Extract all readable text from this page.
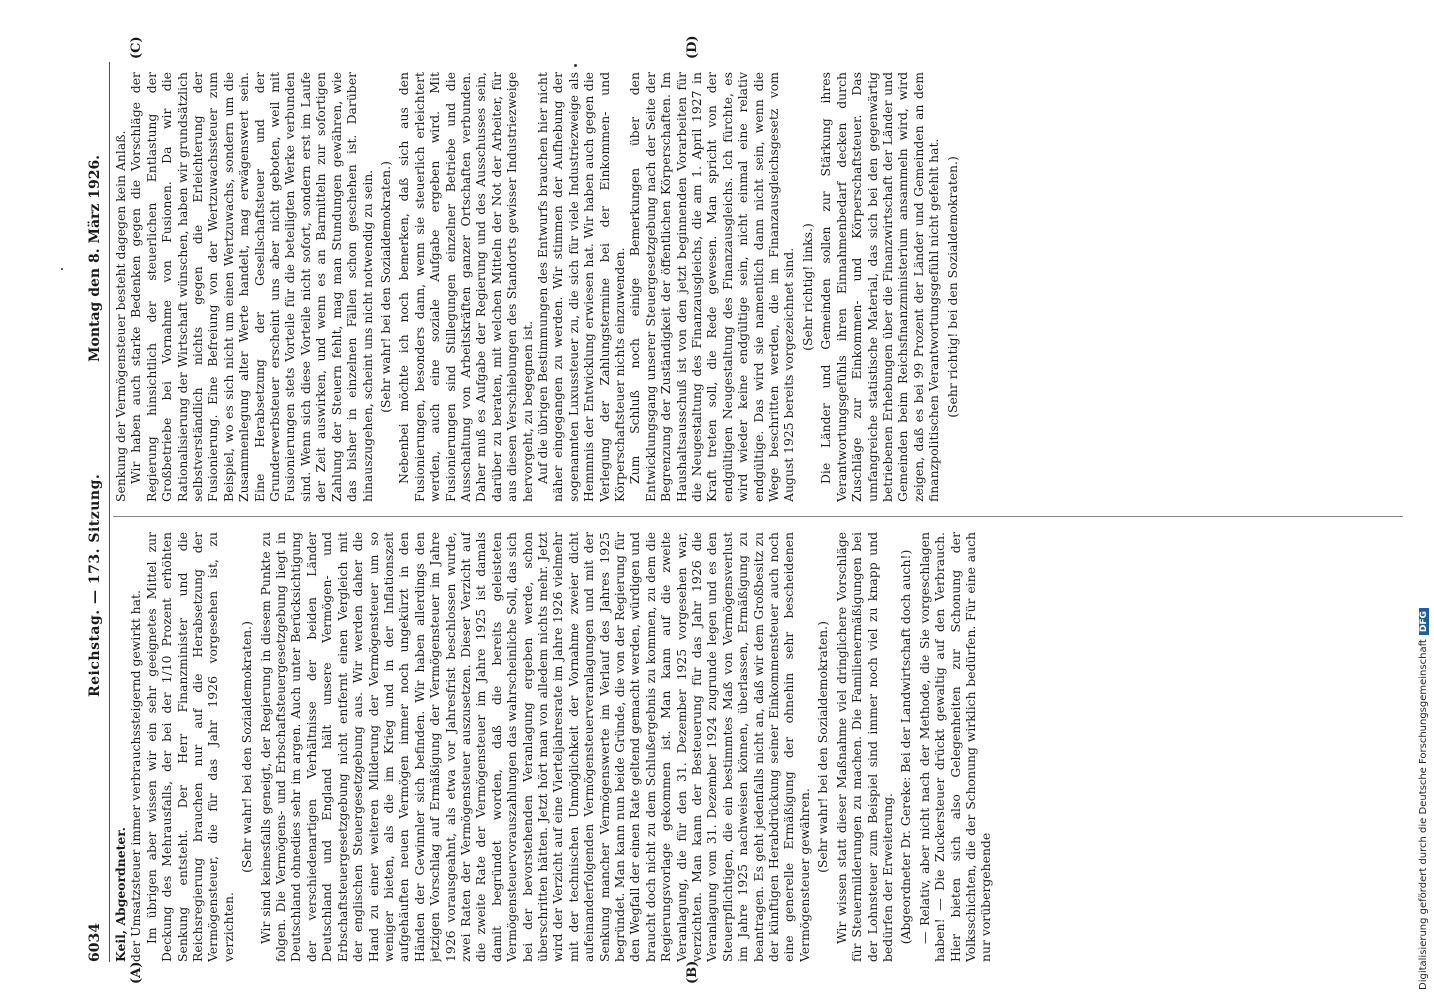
6034
Reichstag. — 173. Sitzung.
Montag den 8. März 1926.
Keil, Abgeordneter. der Umsatzsteuer immer verbrauchssteigernd gewirkt hat. Im übrigen aber wissen wir ein sehr geeignetes Mittel zur Deckung des Mehrausfalls, der bei der 1/10 Prozent erhöhten Senkung entsteht. Der Herr Finanzminister und die Reichsregierung brauchen nur auf die Herabsetzung der Vermögensteuer, die für das Jahr 1926 vorgesehen ist, zu verzichten.

(Sehr wahr! bei den Sozialdemokraten.) Wir sind keinesfalls geneigt, der Regierung in diesem Punkte zu folgen. Die Vermögens- und Erbschaftsteuergesetzgebung liegt in Deutschland ohnedies sehr im argen. Auch unter Berücksichtigung der verschiedenartigen Verhältnisse der beiden Länder Deutschland und England hält unsere Vermögen- und Erbschaftsteuergesetzgebung nicht entfernt einen Vergleich mit der englischen Steuergesetzgebung aus. Wir werden daher die Hand zu einer weiteren Milderung der Vermögensteuer um so weniger bieten, als die im Krieg und in der Inflationszeit aufgehäuften neuen Vermögen immer noch ungekürzt in den Händen der Gewinnler sich befinden. Wir haben allerdings den jetzigen Vorschlag auf Ermäßigung der Vermögensteuer im Jahre 1926 vorausgeahnt, als etwa vor Jahresfrist beschlossen wurde, zwei Raten der Vermögensteuer auszusetzen. Dieser Verzicht auf die zweite Rate der Vermögensteuer im Jahre 1925 ist damals damit begründet worden, daß die bereits geleisteten Vermögensteuervorauszahlungen das wahrscheinliche Soll, das sich bei der bevorstehenden Veranlagung ergeben werde, schon überschritten hätten. Jetzt hört man von alledem nichts mehr. Jetzt wird der Verzicht auf eine Vierteljahresrate im Jahre 1926 vielmehr mit der technischen Unmöglichkeit der Vornahme zweier dicht aufeinanderfolgenden Vermögensteuerveranlagungen und mit der Senkung mancher Vermögenswerte im Verlauf des Jahres 1925 begründet. Man kann nun beide Gründe, die von der Regierung für den Wegfall der einen Rate geltend gemacht werden, würdigen und braucht doch nicht zu dem Schlußergebnis zu kommen, zu dem die Regierungsvorlage gekommen ist. Man kann auf die zweite Veranlagung, die für den 31. Dezember 1925 vorgesehen war, verzichten. Man kann der Besteuerung für das Jahr 1926 die Veranlagung vom 31. Dezember 1924 zugrunde legen und es den Steuerpflichtigen, die ein bestimmtes Maß von Vermögensverlust im Jahre 1925 nachweisen können, überlassen, Ermäßigung zu beantragen. Es geht jedenfalls nicht an, daß wir dem Großbesitz zu der künftigen Herabdrückung seiner Einkommensteuer auch noch eine generelle Ermäßigung der ohnehin sehr bescheidenen Vermögensteuer gewähren.

(Sehr wahr! bei den Sozialdemokraten.) Wir wissen statt dieser Maßnahme viel dringlichere Vorschläge für Steuermilderungen zu machen. Die Familienermäßigungen bei der Lohnsteuer zum Beispiel sind immer noch viel zu knapp und bedürfen der Erweiterung. (Abgeordneter Dr. Gereke: Bei der Landwirtschaft doch auch!) — Relativ, aber nicht nach der Methode, die Sie vorgeschlagen haben! — Die Zuckersteuer drückt gewaltig auf den Verbrauch. Hier bieten sich also Gelegenheiten zur Schonung der Volksschichten, die der Schonung wirklich bedürfen. Für eine auch nur vorübergehende

Senkung der Vermögensteuer besteht dagegen kein Anlaß. Wir haben auch starke Bedenken gegen die Vorschläge der Regierung hinsichtlich der steuerlichen Entlastung der Großbetriebe bei Vornahme von Fusionen. Da wir die Rationalisierung der Wirtschaft wünschen, haben wir grundsätzlich selbstverständlich nichts gegen die Erleichterung der Fusionierung. Eine Befreiung von der Wertzuwachssteuer zum Beispiel, wo es sich nicht um einen Wertzuwachs, sondern um die Zusammenlegung alter Werte handelt, mag erwägenswert sein. Eine Herabsetzung der Gesellschaftsteuer und der Grunderwerbsteuer erscheint uns aber nicht geboten, weil mit Fusionierungen stets Vorteile für die beteiligten Werke verbunden sind. Wenn sich diese Vorteile nicht sofort, sondern erst im Laufe der Zeit auswirken, und wenn es an Barmitteln zur sofortigen Zahlung der Steuern fehlt, mag man Stundungen gewähren, wie das bisher in einzelnen Fällen schon geschehen ist. Darüber hinauszugehen, scheint uns nicht notwendig zu sein. (Sehr wahr! bei den Sozialdemokraten.) Nebenbei möchte ich noch bemerken, daß sich aus den Fusionierungen, besonders dann, wenn sie steuerlich erleichtert werden, auch eine soziale Aufgabe ergeben wird. Mit Fusionierungen sind Stillegungen einzelner Betriebe und die Ausschaltung von Arbeitskräften ganzer Ortschaften verbunden. Daher muß es Aufgabe der Regierung und des Ausschusses sein, darüber zu beraten, mit welchen Mitteln der Not der Arbeiter, für aus diesen Verschiebungen des Standorts gewisser Industriezweige hervorgeht, zu begegnen ist. Auf die übrigen Bestimmungen des Entwurfs brauchen hier nicht näher eingegangen zu werden. Wir stimmen der Aufhebung der sogenannten Luxussteuer zu, die sich für viele Industriezweige als Hemmnis der Entwicklung erwiesen hat. Wir haben auch gegen die Verlegung der Zahlungstermine bei der Einkommen- und Körperschaftsteuer nichts einzuwenden. Zum Schluß noch einige Bemerkungen über den Entwicklungsgang unserer Steuergesetzgebung nach der Seite der Begrenzung der Zuständigkeit der öffentlichen Körperschaften. Im Haushaltsausschuß ist von den jetzt beginnenden Vorarbeiten für die Neugestaltung des Finanzausgleichs, die am 1. April 1927 in Kraft treten soll, die Rede gewesen. Man spricht von der endgültigen Neugestaltung des Finanzausgleichs. Ich fürchte, es wird wieder keine endgültige sein, nicht einmal eine relativ endgültige. Das wird sie namentlich dann nicht sein, wenn die Wege beschritten werden, die im Finanzausgleichsgesetz vom August 1925 bereits vorgezeichnet sind. (Sehr richtig! links.) Die Länder und Gemeinden sollen zur Stärkung ihres Verantwortungsgefühls ihren Einnahmenbedarf decken durch Zuschläge zur Einkommen- und Körperschaftsteuer. Das umfangreiche statistische Material, das sich bei den gegenwärtig betriebenen Erhebungen über die Finanzwirtschaft der Länder und Gemeinden beim Reichsfinanzministerium ansammeln wird, wird zeigen, daß es bei 99 Prozent der Länder und Gemeinden an dem finanzpolitischen Verantwortungsgefühl nicht gefehlt hat. (Sehr richtig! bei den Sozialdemokraten.)

(A)	(B)
(C)	(D)
Digitalisierung gefördert durch die Deutsche ForschungsgemeinschaftDFG
